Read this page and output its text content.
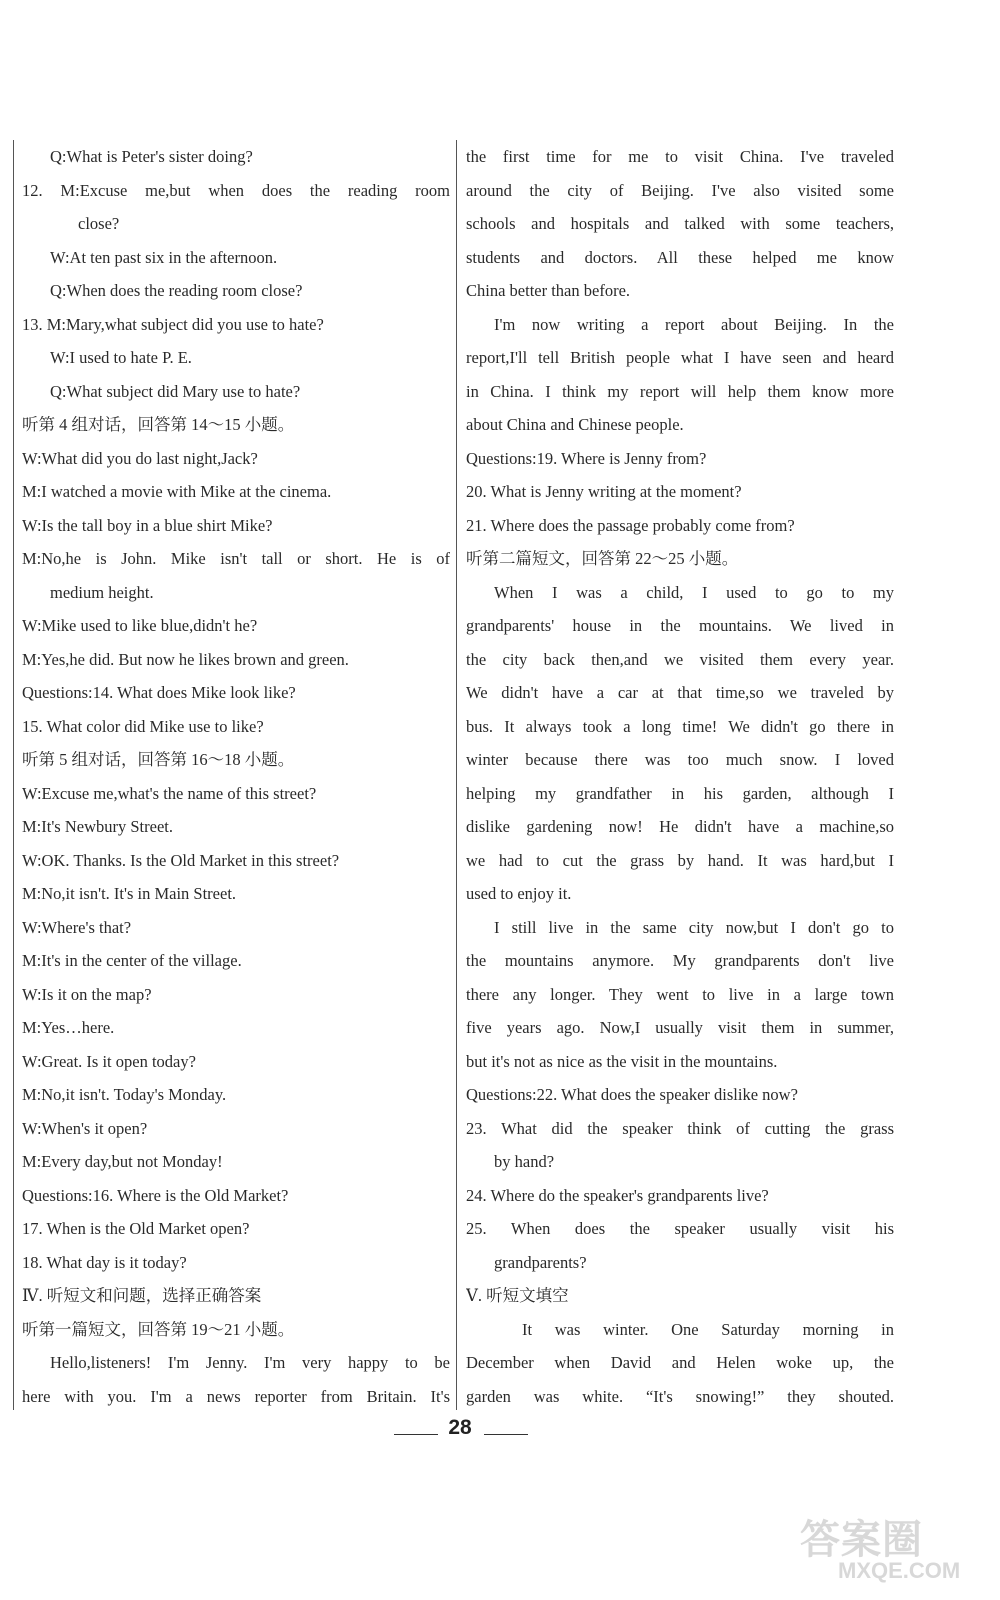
Q:What is Peter's sister doing?
12. M:Excuse me,but when does the reading room
close?
W:At ten past six in the afternoon.
Q:When does the reading room close?
13. M:Mary,what subject did you use to hate?
W:I used to hate P. E.
Q:What subject did Mary use to hate?
听第 4 组对话，回答第 14～15 小题。
W:What did you do last night,Jack?
M:I watched a movie with Mike at the cinema.
W:Is the tall boy in a blue shirt Mike?
M:No,he is John. Mike isn't tall or short. He is of
medium height.
W:Mike used to like blue,didn't he?
M:Yes,he did. But now he likes brown and green.
Questions:14. What does Mike look like?
15. What color did Mike use to like?
听第 5 组对话，回答第 16～18 小题。
W:Excuse me,what's the name of this street?
M:It's Newbury Street.
W:OK. Thanks. Is the Old Market in this street?
M:No,it isn't. It's in Main Street.
W:Where's that?
M:It's in the center of the village.
W:Is it on the map?
M:Yes…here.
W:Great. Is it open today?
M:No,it isn't. Today's Monday.
W:When's it open?
M:Every day,but not Monday!
Questions:16. Where is the Old Market?
17. When is the Old Market open?
18. What day is it today?
Ⅳ. 听短文和问题，选择正确答案
听第一篇短文，回答第 19～21 小题。
Hello,listeners! I'm Jenny. I'm very happy to be
here with you. I'm a news reporter from Britain. It's
the first time for me to visit China. I've traveled
around the city of Beijing. I've also visited some
schools and hospitals and talked with some teachers,
students and doctors. All these helped me know
China better than before.
I'm now writing a report about Beijing. In the
report,I'll tell British people what I have seen and heard
in China. I think my report will help them know more
about China and Chinese people.
Questions:19. Where is Jenny from?
20. What is Jenny writing at the moment?
21. Where does the passage probably come from?
听第二篇短文，回答第 22～25 小题。
When I was a child, I used to go to my
grandparents' house in the mountains. We lived in
the city back then,and we visited them every year.
We didn't have a car at that time,so we traveled by
bus. It always took a long time! We didn't go there in
winter because there was too much snow. I loved
helping my grandfather in his garden, although I
dislike gardening now! He didn't have a machine,so
we had to cut the grass by hand. It was hard,but I
used to enjoy it.
I still live in the same city now,but I don't go to
the mountains anymore. My grandparents don't live
there any longer. They went to live in a large town
five years ago. Now,I usually visit them in summer,
but it's not as nice as the visit in the mountains.
Questions:22. What does the speaker dislike now?
23. What did the speaker think of cutting the grass
by hand?
24. Where do the speaker's grandparents live?
25. When does the speaker usually visit his
grandparents?
Ⅴ. 听短文填空
It was winter. One Saturday morning in
December when David and Helen woke up, the
garden was white. “It's snowing!” they shouted.
28
答案圈
MXQE.COM
